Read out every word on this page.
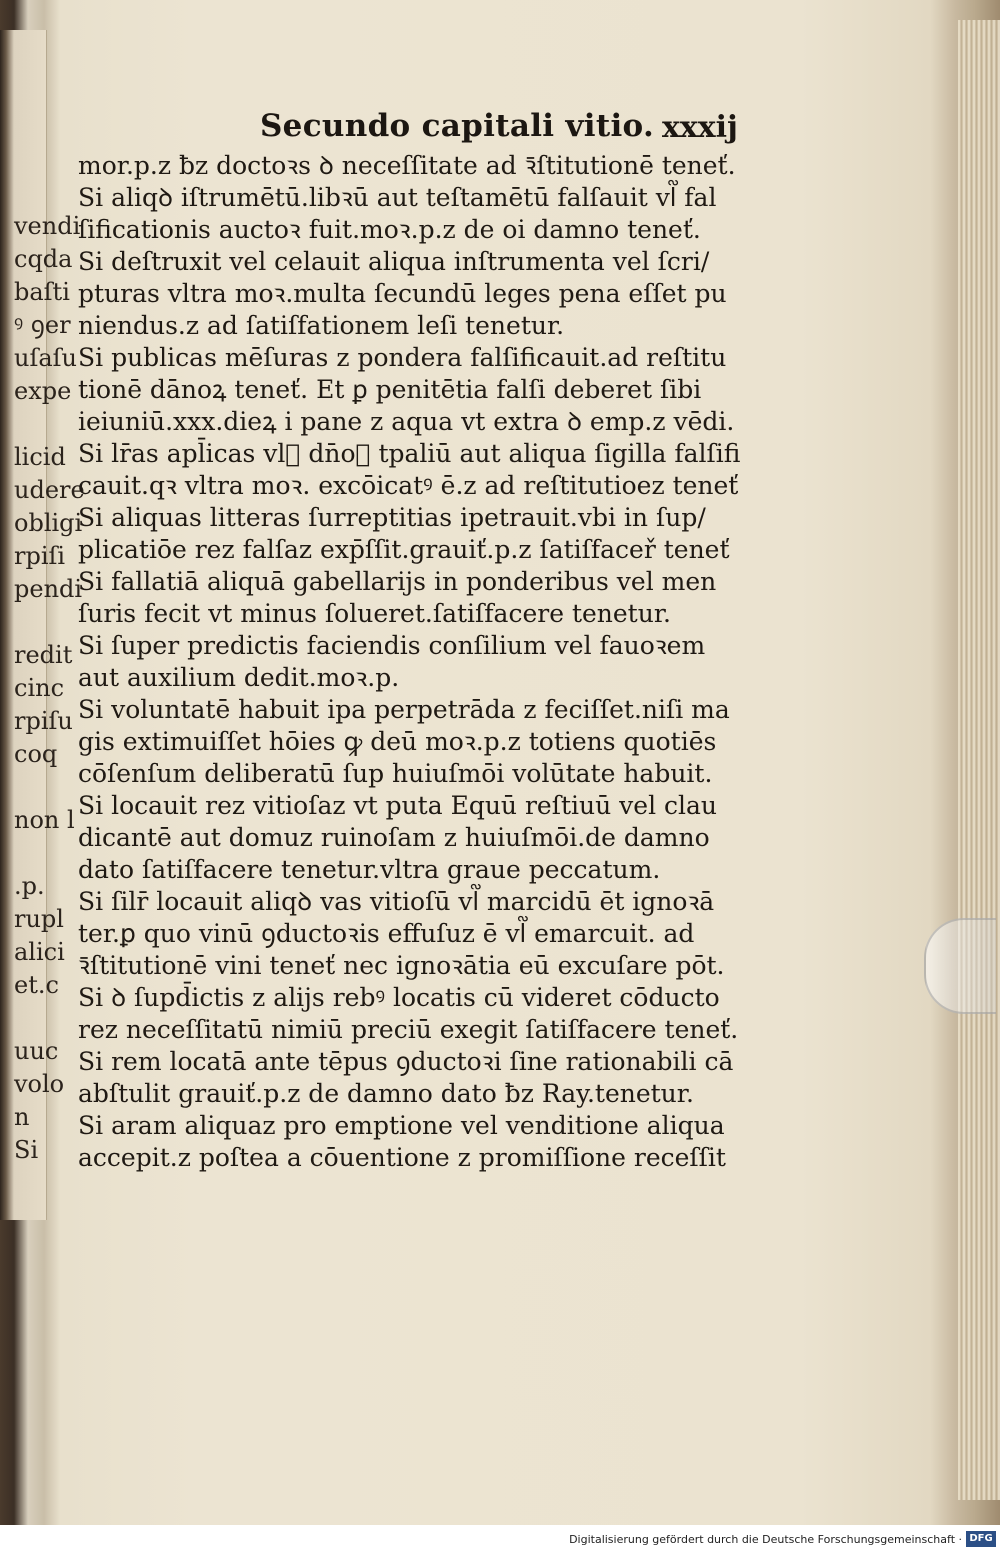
vendi
cqda
baſti
ꝰ ꝯer
uſaſu
expe

licid
udere
obligi
rpiſi
pendi

redit
cinc
rpiſu
coq

non l

.p.
rupl
alici
et.c

uuc
volo
n
Si
Secundo capitali vitio. xxxij
mor.p.z ƀz doctoꝛs ꝺ neceſſitate ad ꝛ̄ſtitutionē teneť.
Si aliqꝺ iſtrumētū.libꝛū aut teſtamētū falſauit vl᷑ fal
ſificationis auctoꝛ fuit.moꝛ.p.z de oi damno teneť.
Si deſtruxit vel celauit aliqua inſtrumenta vel ſcri/
pturas vltra moꝛ.multa ſecundū leges pena eſſet pu
niendus.z ad ſatiſfationem leſi tenetur.
Si publicas mēſuras z pondera falſificauit.ad reſtitu
tionē dānoꝝ teneť. Et ꝑ penitētia falſi deberet ſibi
ieiuniū.xxx.dieꝝ i pane z aqua vt extra ꝺ emp.z vēdi.
Si lr̄as apl̄icas vl᷑ dn̄oꝝ tpaliū aut aliqua ſigilla falſifi
cauit.qꝛ vltra moꝛ. excōicatꝰ ē.z ad reſtitutioez teneť
Si aliquas litteras ſurreptitias ipetrauit.vbi in ſup/
plicatiōe rez falſaz exp̄ſſit.grauiť.p.z ſatiſfaceř teneť
Si fallatiā aliquā gabellarijs in ponderibus vel men
ſuris fecit vt minus ſolueret.ſatiſfacere tenetur.
Si ſuper predictis faciendis conſilium vel fauoꝛem
aut auxilium dedit.moꝛ.p.
Si voluntatē habuit ipa perpetrāda z feciſſet.niſi ma
gis extimuiſſet hōies ꝙ deū moꝛ.p.z totiens quotiēs
cōſenſum deliberatū ſup huiuſmōi volūtate habuit.
Si locauit rez vitioſaz vt puta Equū reſtiuū vel clau
dicantē aut domuz ruinoſam z huiuſmōi.de damno
dato ſatiſfacere tenetur.vltra graue peccatum.
Si ſilr̄ locauit aliqꝺ vas vitioſū vl᷑ marcidū ēt ignoꝛā
ter.ꝑ quo vinū ꝯductoꝛis effuſuz ē vl᷑ emarcuit. ad
ꝛ̄ſtitutionē vini teneť nec ignoꝛātia eū excuſare pōt.
Si ꝺ ſupd̄ictis z alijs rebꝰ locatis cū videret cōducto
rez neceſſitatū nimiū preciū exegit ſatiſfacere teneť.
Si rem locatā ante tēpus ꝯductoꝛi ſine rationabili cā
abſtulit grauiť.p.z de damno dato ƀz Ray.tenetur.
Si aram aliquaz pro emptione vel venditione aliqua
accepit.z poſtea a cōuentione z promiſſione receſſit
Digitalisierung gefördert durch die Deutsche Forschungsgemeinschaft · DFG
